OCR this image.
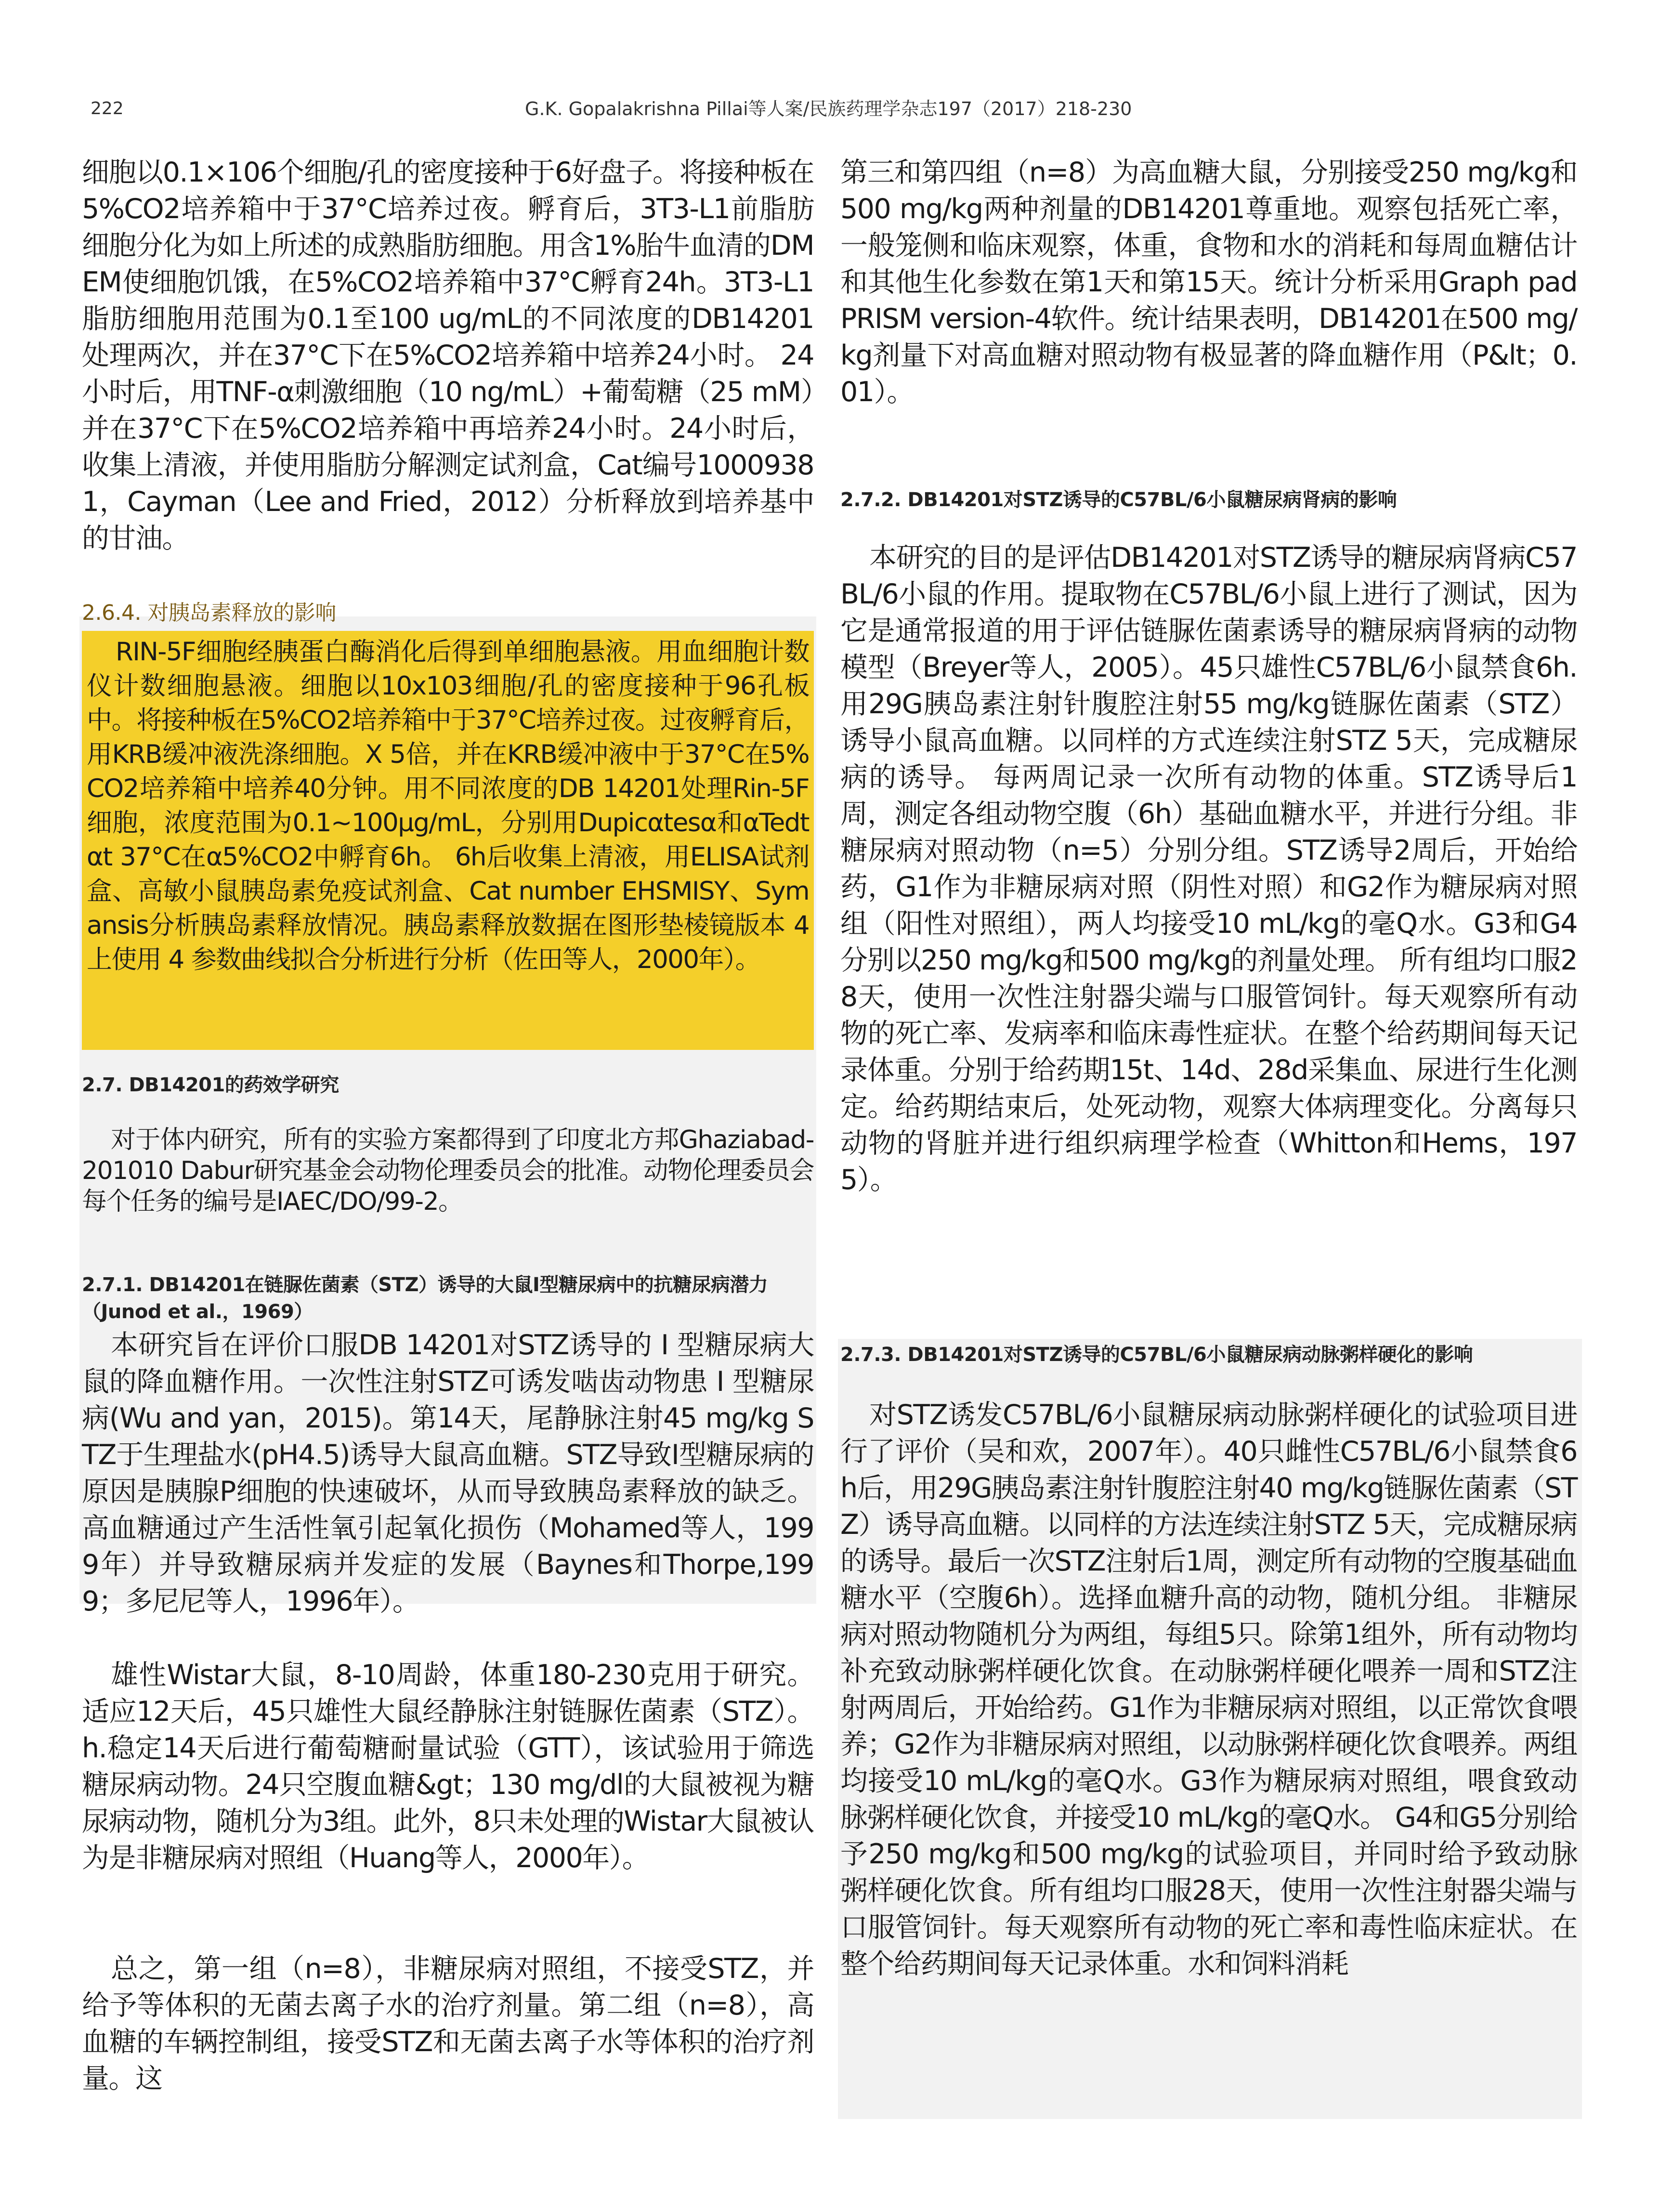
222	G.K. Gopalakrishna Pillai等人案/民族药理学杂志197（2017）218-230

细胞以0.1×106个细胞/孔的密度接种于6好盘子。将接种板在5%CO2培养箱中于37°C培养过夜。孵育后，3T3-L1前脂肪细胞分化为如上所述的成熟脂肪细胞。用含1%胎牛血清的DMEM使细胞饥饿，在5%CO2培养箱中37°C孵育24h。3T3-L1脂肪细胞用范围为0.1至100 ug/mL的不同浓度的DB14201处理两次，并在37°C下在5%CO2培养箱中培养24小时。 24小时后，用TNF-α刺激细胞（10 ng/mL）+葡萄糖（25 mM）并在37°C下在5%CO2培养箱中再培养24小时。24小时后，收集上清液，并使用脂肪分解测定试剂盒，Cat编号10009381，Cayman（Lee and Fried，2012）分析释放到培养基中的甘油。

2.6.4. 对胰岛素释放的影响

RIN-5F细胞经胰蛋白酶消化后得到单细胞悬液。用血细胞计数仪计数细胞悬液。细胞以10x103细胞/孔的密度接种于96孔板中。将接种板在5%CO2培养箱中于37°C培养过夜。过夜孵育后，用KRB缓冲液洗涤细胞。X 5倍，并在KRB缓冲液中于37°C在5%CO2培养箱中培养40分钟。用不同浓度的DB 14201处理Rin-5F细胞，浓度范围为0.1~100μg/mL，分别用Dupicαtesα和αTedtαt 37°C在α5%CO2中孵育6h。 6h后收集上清液，用ELISA试剂盒、高敏小鼠胰岛素免疫试剂盒、Cat number EHSMISY、Symansis分析胰岛素释放情况。胰岛素释放数据在图形垫棱镜版本 4 上使用 4 参数曲线拟合分析进行分析（佐田等人，2000年）。

2.7. DB14201的药效学研究

对于体内研究，所有的实验方案都得到了印度北方邦Ghaziabad-201010 Dabur研究基金会动物伦理委员会的批准。动物伦理委员会每个任务的编号是IAEC/DO/99-2。

2.7.1. DB14201在链脲佐菌素（STZ）诱导的大鼠I型糖尿病中的抗糖尿病潜力（Junod et al.，1969）

本研究旨在评价口服DB 14201对STZ诱导的 I 型糖尿病大鼠的降血糖作用。一次性注射STZ可诱发啮齿动物患 I 型糖尿病(Wu and yan，2015)。第14天，尾静脉注射45 mg/kg STZ于生理盐水(pH4.5)诱导大鼠高血糖。STZ导致I型糖尿病的原因是胰腺P细胞的快速破坏，从而导致胰岛素释放的缺乏。高血糖通过产生活性氧引起氧化损伤（Mohamed等人，1999年）并导致糖尿病并发症的发展（Baynes和Thorpe,1999；多尼尼等人，1996年）。

雄性Wistar大鼠，8-10周龄，体重180-230克用于研究。适应12天后，45只雄性大鼠经静脉注射链脲佐菌素（STZ）。h.稳定14天后进行葡萄糖耐量试验（GTT），该试验用于筛选糖尿病动物。24只空腹血糖&gt；130 mg/dl的大鼠被视为糖尿病动物，随机分为3组。此外，8只未处理的Wistar大鼠被认为是非糖尿病对照组（Huang等人，2000年）。

总之，第一组（n=8），非糖尿病对照组，不接受STZ，并给予等体积的无菌去离子水的治疗剂量。第二组（n=8），高血糖的车辆控制组，接受STZ和无菌去离子水等体积的治疗剂量。这

第三和第四组（n=8）为高血糖大鼠，分别接受250 mg/kg和500 mg/kg两种剂量的DB14201尊重地。观察包括死亡率，一般笼侧和临床观察，体重，食物和水的消耗和每周血糖估计和其他生化参数在第1天和第15天。统计分析采用Graph pad PRISM version-4软件。统计结果表明，DB14201在500 mg/kg剂量下对高血糖对照动物有极显著的降血糖作用（P&lt；0.01）。

2.7.2. DB14201对STZ诱导的C57BL/6小鼠糖尿病肾病的影响

本研究的目的是评估DB14201对STZ诱导的糖尿病肾病C57BL/6小鼠的作用。提取物在C57BL/6小鼠上进行了测试，因为它是通常报道的用于评估链脲佐菌素诱导的糖尿病肾病的动物模型（Breyer等人，2005）。45只雄性C57BL/6小鼠禁食6h.用29G胰岛素注射针腹腔注射55 mg/kg链脲佐菌素（STZ）诱导小鼠高血糖。以同样的方式连续注射STZ 5天，完成糖尿病的诱导。 每两周记录一次所有动物的体重。STZ诱导后1周，测定各组动物空腹（6h）基础血糖水平，并进行分组。非糖尿病对照动物（n=5）分别分组。STZ诱导2周后，开始给药，G1作为非糖尿病对照（阴性对照）和G2作为糖尿病对照组（阳性对照组），两人均接受10 mL/kg的毫Q水。G3和G4分别以250 mg/kg和500 mg/kg的剂量处理。 所有组均口服28天，使用一次性注射器尖端与口服管饲针。每天观察所有动物的死亡率、发病率和临床毒性症状。在整个给药期间每天记录体重。分别于给药期15t、14d、28d采集血、尿进行生化测定。给药期结束后，处死动物，观察大体病理变化。分离每只动物的肾脏并进行组织病理学检查（Whitton和Hems，1975）。

2.7.3. DB14201对STZ诱导的C57BL/6小鼠糖尿病动脉粥样硬化的影响

对STZ诱发C57BL/6小鼠糖尿病动脉粥样硬化的试验项目进行了评价（吴和欢，2007年）。40只雌性C57BL/6小鼠禁食6h后，用29G胰岛素注射针腹腔注射40 mg/kg链脲佐菌素（STZ）诱导高血糖。以同样的方法连续注射STZ 5天，完成糖尿病的诱导。最后一次STZ注射后1周，测定所有动物的空腹基础血糖水平（空腹6h）。选择血糖升高的动物，随机分组。 非糖尿病对照动物随机分为两组，每组5只。除第1组外，所有动物均补充致动脉粥样硬化饮食。在动脉粥样硬化喂养一周和STZ注射两周后，开始给药。G1作为非糖尿病对照组，以正常饮食喂养；G2作为非糖尿病对照组，以动脉粥样硬化饮食喂养。两组均接受10 mL/kg的毫Q水。G3作为糖尿病对照组，喂食致动脉粥样硬化饮食，并接受10 mL/kg的毫Q水。 G4和G5分别给予250 mg/kg和500 mg/kg的试验项目，并同时给予致动脉粥样硬化饮食。所有组均口服28天，使用一次性注射器尖端与口服管饲针。每天观察所有动物的死亡率和毒性临床症状。在整个给药期间每天记录体重。水和饲料消耗
